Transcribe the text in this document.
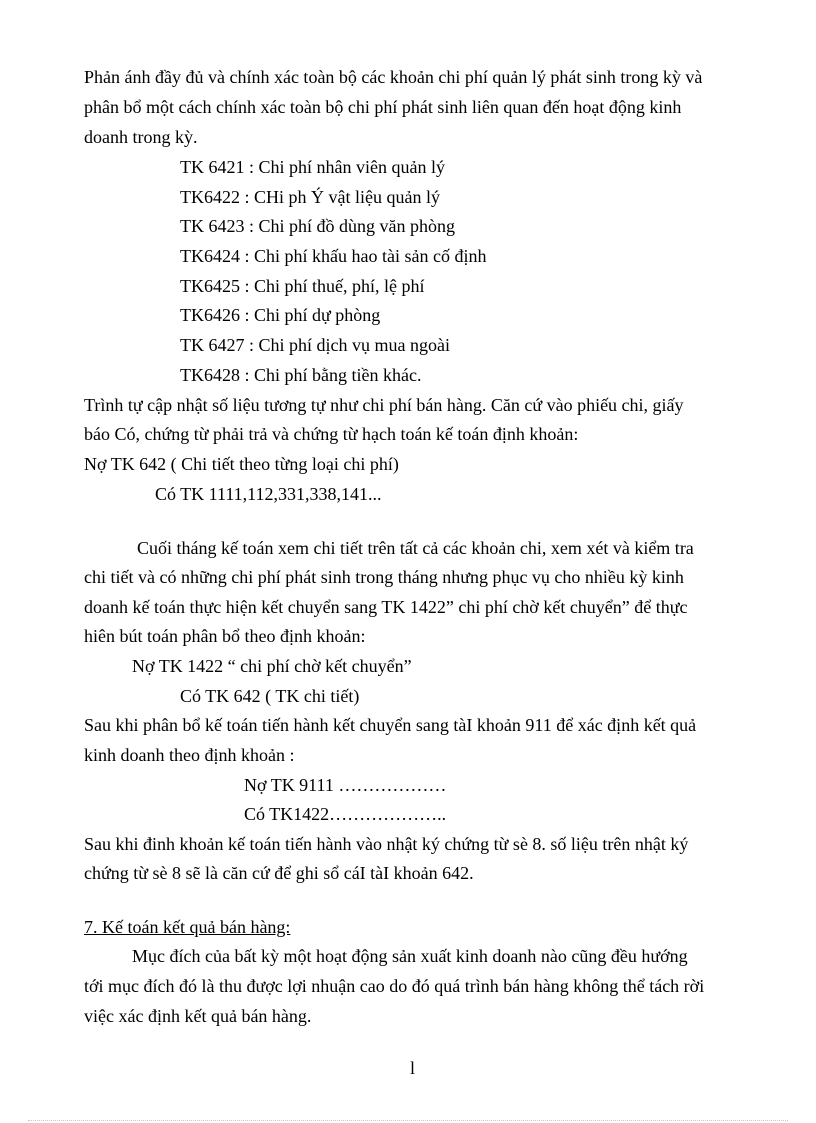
Phản ánh đầy đủ và chính xác toàn bộ các khoản chi phí quản lý phát sinh trong kỳ và
phân bổ một cách chính xác toàn bộ chi phí phát sinh liên quan đến hoạt động kinh
doanh trong kỳ.
TK 6421 : Chi phí nhân viên quản lý
TK6422 : CHi ph Ý vật liệu quản lý
TK 6423 : Chi phí đồ dùng văn phòng
TK6424 : Chi phí khấu hao tài sản cố định
TK6425 : Chi phí thuế, phí, lệ phí
TK6426 : Chi phí dự phòng
TK 6427 : Chi phí dịch vụ mua ngoài
TK6428 : Chi phí bằng tiền khác.
Trình tự cập nhật số liệu tương tự như chi phí bán hàng. Căn cứ vào phiếu chi, giấy
báo Có, chứng từ phải trả và chứng từ hạch toán kế toán định khoản:
Nợ TK 642 ( Chi tiết theo từng loại chi phí)
Có TK 1111,112,331,338,141...
Cuối tháng kế toán xem chi tiết trên tất cả các khoản chi, xem xét và kiểm tra
chi tiết và có những chi phí phát sinh trong tháng nhưng phục vụ cho nhiều kỳ kinh
doanh kế toán thực hiện kết chuyển sang TK 1422” chi phí chờ kết chuyển” để thực
hiên bút toán phân bổ theo định khoản:
Nợ TK 1422 “ chi phí chờ kết chuyển”
Có TK 642 ( TK chi tiết)
Sau khi phân bổ kế toán tiến hành kết chuyển sang tàI khoản 911 để xác định kết quả
kinh doanh theo định khoản :
Nợ TK 9111 ………………
Có TK1422………………..
Sau khi đinh khoản kế toán tiến hành vào nhật ký chứng từ sè 8. số liệu trên nhật ký
chứng từ sè 8 sẽ là căn cứ để ghi sổ cáI tàI khoản 642.
7. Kế toán kết quả bán hàng:
Mục đích của bất kỳ một hoạt động sản xuất kinh doanh nào cũng đều hướng
tới mục đích đó là thu được lợi nhuận cao do đó quá trình bán hàng không thể tách rời
việc xác định kết quả bán hàng.
l
